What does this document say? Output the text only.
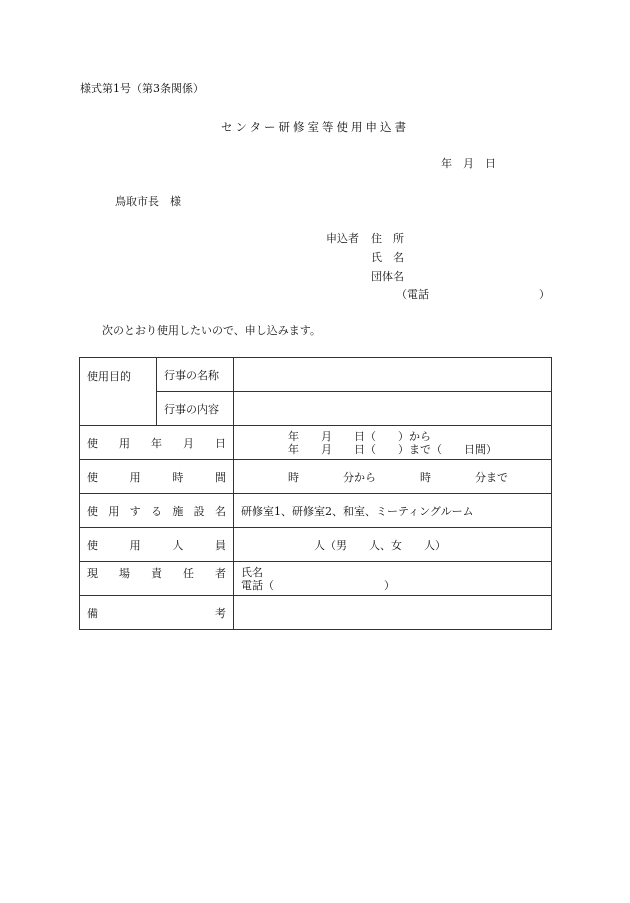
様式第1号（第3条関係）
センター研修室等使用申込書
年　月　日
鳥取市長　様
申込者 住　所
氏　名
団体名
（電話	）
次のとおり使用したいので、申し込みます。
使用目的	行事の名称	
	行事の内容	
使 用 年 月 日		年　　月　　日（　　）から
年　　月　　日（　　）まで（　　日間）

使 用 時 間		時　　　　分から　　　　時　　　　分まで
使用する施設名		研修室1、研修室2、和室、ミーティングルーム
使 用 人 員		人（男　　人、女　　人）
現 場 責 任 者		氏名
電話（　　　　　　　　　　）

備 考		
